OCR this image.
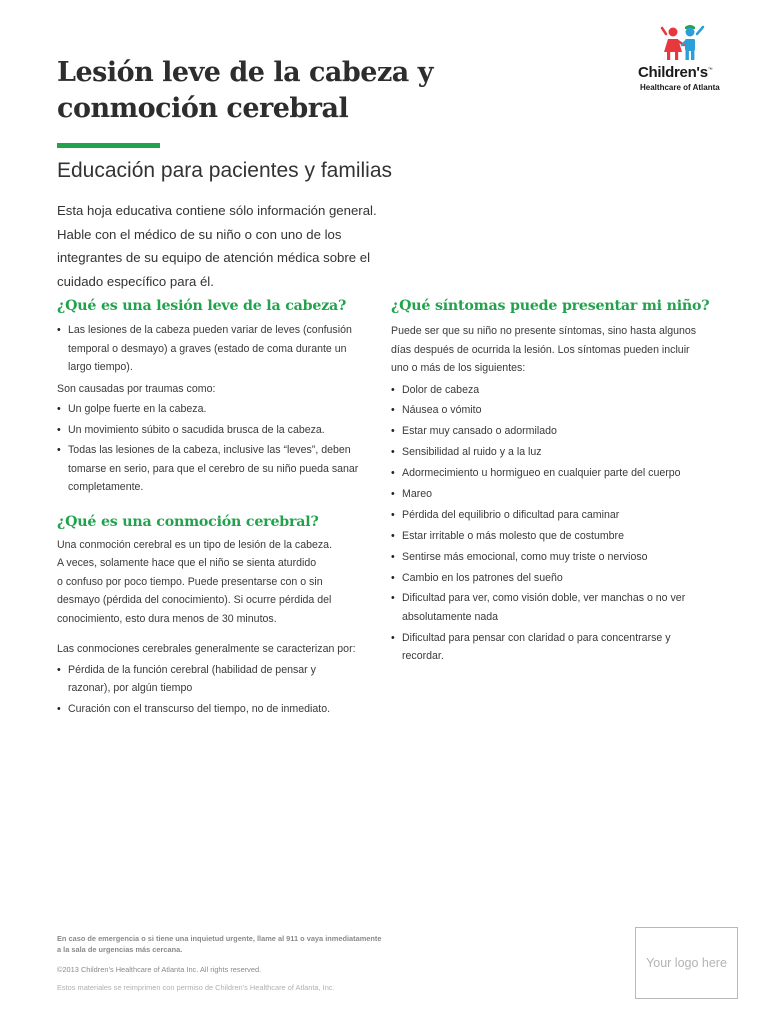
Lesión leve de la cabeza y
conmoción cerebral
Educación para pacientes y familias
Children's™
Healthcare of Atlanta
Esta hoja educativa contiene sólo información general.
Hable con el médico de su niño o con uno de los
integrantes de su equipo de atención médica sobre el
cuidado específico para él.
¿Qué es una lesión leve de la cabeza?
• Las lesiones de la cabeza pueden variar de leves (confusión
temporal o desmayo) a graves (estado de coma durante un
largo tiempo).
Son causadas por traumas como:
• Un golpe fuerte en la cabeza.
• Un movimiento súbito o sacudida brusca de la cabeza.
• Todas las lesiones de la cabeza, inclusive las “leves”, deben
tomarse en serio, para que el cerebro de su niño pueda sanar
completamente.
¿Qué es una conmoción cerebral?
Una conmoción cerebral es un tipo de lesión de la cabeza.
A veces, solamente hace que el niño se sienta aturdido
o confuso por poco tiempo. Puede presentarse con o sin
desmayo (pérdida del conocimiento). Si ocurre pérdida del
conocimiento, esto dura menos de 30 minutos.
Las conmociones cerebrales generalmente se caracterizan por:
• Pérdida de la función cerebral (habilidad de pensar y
razonar), por algún tiempo
• Curación con el transcurso del tiempo, no de inmediato.
¿Qué síntomas puede presentar mi niño?
Puede ser que su niño no presente síntomas, sino hasta algunos
días después de ocurrida la lesión. Los síntomas pueden incluir
uno o más de los siguientes:
• Dolor de cabeza
• Náusea o vómito
• Estar muy cansado o adormilado
• Sensibilidad al ruido y a la luz
• Adormecimiento u hormigueo en cualquier parte del cuerpo
• Mareo
• Pérdida del equilibrio o dificultad para caminar
• Estar irritable o más molesto que de costumbre
• Sentirse más emocional, como muy triste o nervioso
• Cambio en los patrones del sueño
• Dificultad para ver, como visión doble, ver manchas o no ver
absolutamente nada
• Dificultad para pensar con claridad o para concentrarse y
recordar.
En caso de emergencia o si tiene una inquietud urgente, llame al 911 o vaya inmediatamente
a la sala de urgencias más cercana.
©2013 Children’s Healthcare of Atlanta Inc. All rights reserved.
Estos materiales se reimprimen con permiso de Children’s Healthcare of Atlanta, Inc.
Your logo here
